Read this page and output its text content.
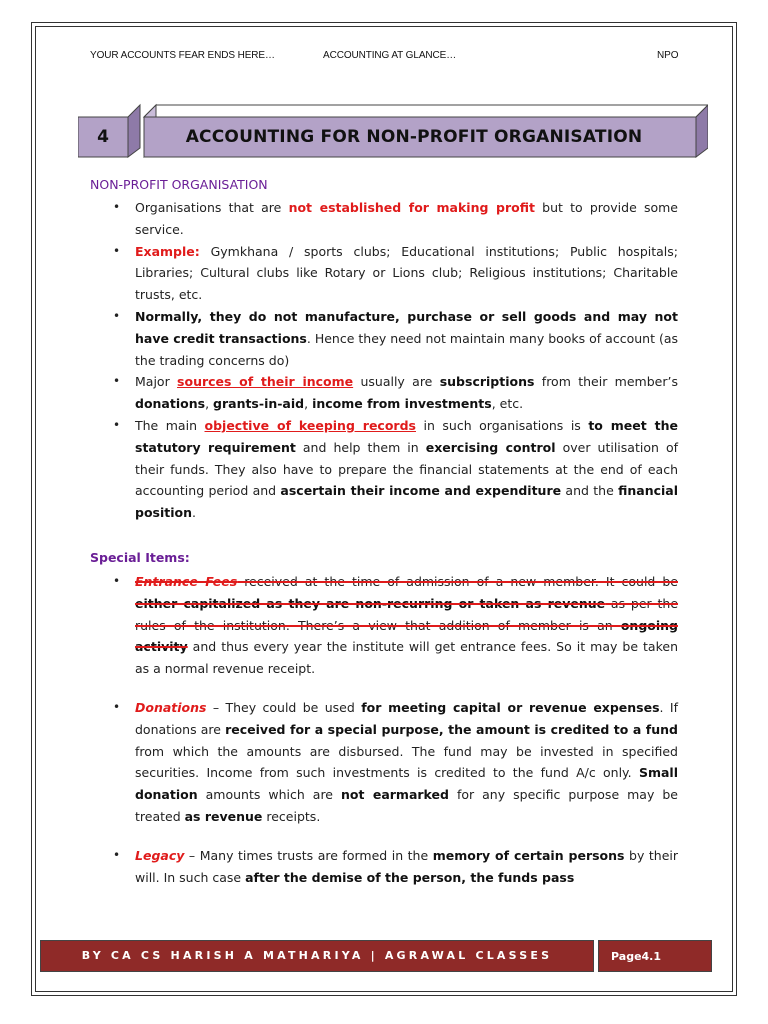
YOUR ACCOUNTS FEAR ENDS HERE…	ACCOUNTING AT GLANCE…	NPO
4	ACCOUNTING FOR NON-PROFIT ORGANISATION
NON-PROFIT ORGANISATION
• Organisations that are not established for making profit but to provide some service.
• Example: Gymkhana / sports clubs; Educational institutions; Public hospitals; Libraries; Cultural clubs like Rotary or Lions club; Religious institutions; Charitable trusts, etc.
• Normally, they do not manufacture, purchase or sell goods and may not have credit transactions. Hence they need not maintain many books of account (as the trading concerns do)
• Major sources of their income usually are subscriptions from their member’s donations, grants-in-aid, income from investments, etc.
• The main objective of keeping records in such organisations is to meet the statutory requirement and help them in exercising control over utilisation of their funds. They also have to prepare the financial statements at the end of each accounting period and ascertain their income and expenditure and the financial position.
Special Items:
• Entrance Fees received at the time of admission of a new member. It could be either capitalized as they are non-recurring or taken as revenue as per the rules of the institution. There’s a view that addition of member is an ongoing activity and thus every year the institute will get entrance fees. So it may be taken as a normal revenue receipt.
• Donations – They could be used for meeting capital or revenue expenses. If donations are received for a special purpose, the amount is credited to a fund from which the amounts are disbursed. The fund may be invested in specified securities. Income from such investments is credited to the fund A/c only. Small donation amounts which are not earmarked for any specific purpose may be treated as revenue receipts.
• Legacy – Many times trusts are formed in the memory of certain persons by their will. In such case after the demise of the person, the funds pass
BY CA CS HARISH A MATHARIYA | AGRAWAL CLASSES	Page4.1
